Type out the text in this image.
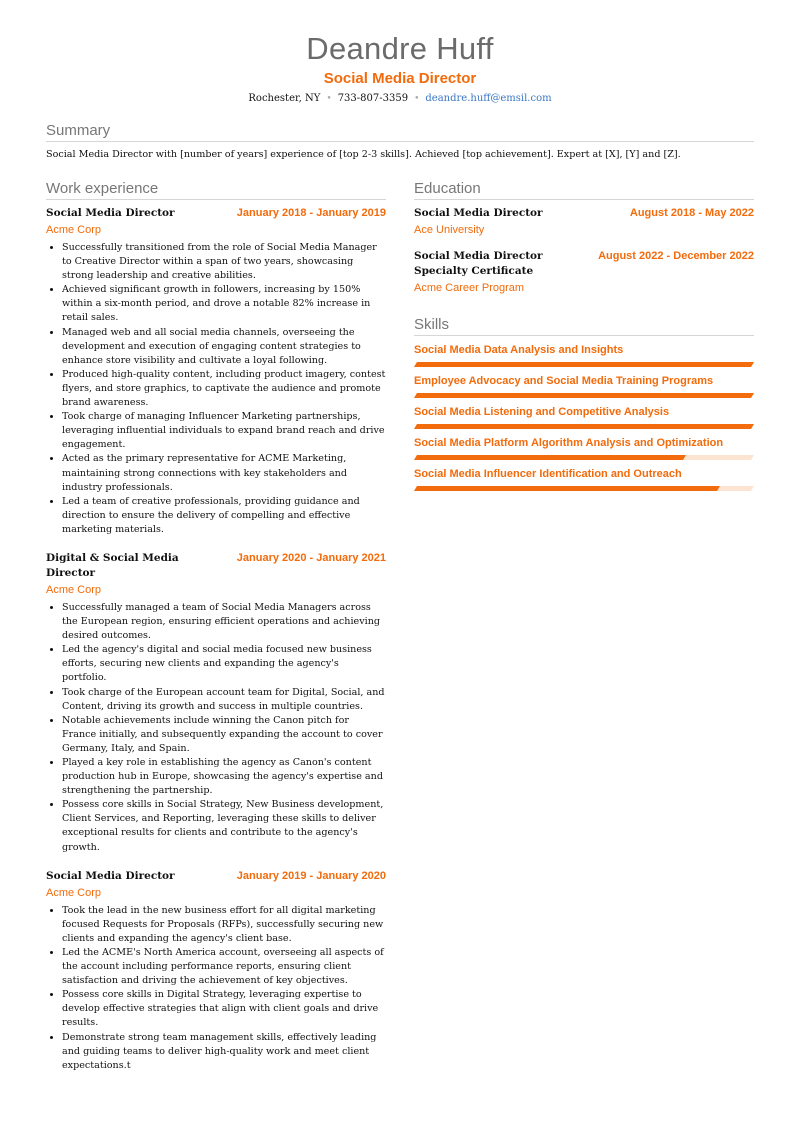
Deandre Huff
Social Media Director
Rochester, NY • 733-807-3359 • deandre.huff@emsil.com
Summary
Social Media Director with [number of years] experience of [top 2-3 skills]. Achieved [top achievement]. Expert at [X], [Y] and [Z].
Work experience
Social Media Director	January 2018 - January 2019
Acme Corp
• Successfully transitioned from the role of Social Media Manager to Creative Director within a span of two years, showcasing strong leadership and creative abilities.
• Achieved significant growth in followers, increasing by 150% within a six-month period, and drove a notable 82% increase in retail sales.
• Managed web and all social media channels, overseeing the development and execution of engaging content strategies to enhance store visibility and cultivate a loyal following.
• Produced high-quality content, including product imagery, contest flyers, and store graphics, to captivate the audience and promote brand awareness.
• Took charge of managing Influencer Marketing partnerships, leveraging influential individuals to expand brand reach and drive engagement.
• Acted as the primary representative for ACME Marketing, maintaining strong connections with key stakeholders and industry professionals.
• Led a team of creative professionals, providing guidance and direction to ensure the delivery of compelling and effective marketing materials.
Digital & Social Media Director
January 2020 - January 2021
Acme Corp
• Successfully managed a team of Social Media Managers across the European region, ensuring efficient operations and achieving desired outcomes.
• Led the agency's digital and social media focused new business efforts, securing new clients and expanding the agency's portfolio.
• Took charge of the European account team for Digital, Social, and Content, driving its growth and success in multiple countries.
• Notable achievements include winning the Canon pitch for France initially, and subsequently expanding the account to cover Germany, Italy, and Spain.
• Played a key role in establishing the agency as Canon's content production hub in Europe, showcasing the agency's expertise and strengthening the partnership.
• Possess core skills in Social Strategy, New Business development, Client Services, and Reporting, leveraging these skills to deliver exceptional results for clients and contribute to the agency's growth.
Social Media Director	January 2019 - January 2020
Acme Corp
• Took the lead in the new business effort for all digital marketing focused Requests for Proposals (RFPs), successfully securing new clients and expanding the agency's client base.
• Led the ACME's North America account, overseeing all aspects of the account including performance reports, ensuring client satisfaction and driving the achievement of key objectives.
• Possess core skills in Digital Strategy, leveraging expertise to develop effective strategies that align with client goals and drive results.
• Demonstrate strong team management skills, effectively leading and guiding teams to deliver high-quality work and meet client expectations.t
Education
Social Media Director	August 2018 - May 2022
Ace University
Social Media Director Specialty Certificate
August 2022 - December 2022
Acme Career Program
Skills
Social Media Data Analysis and Insights
Employee Advocacy and Social Media Training Programs
Social Media Listening and Competitive Analysis
Social Media Platform Algorithm Analysis and Optimization
Social Media Influencer Identification and Outreach
